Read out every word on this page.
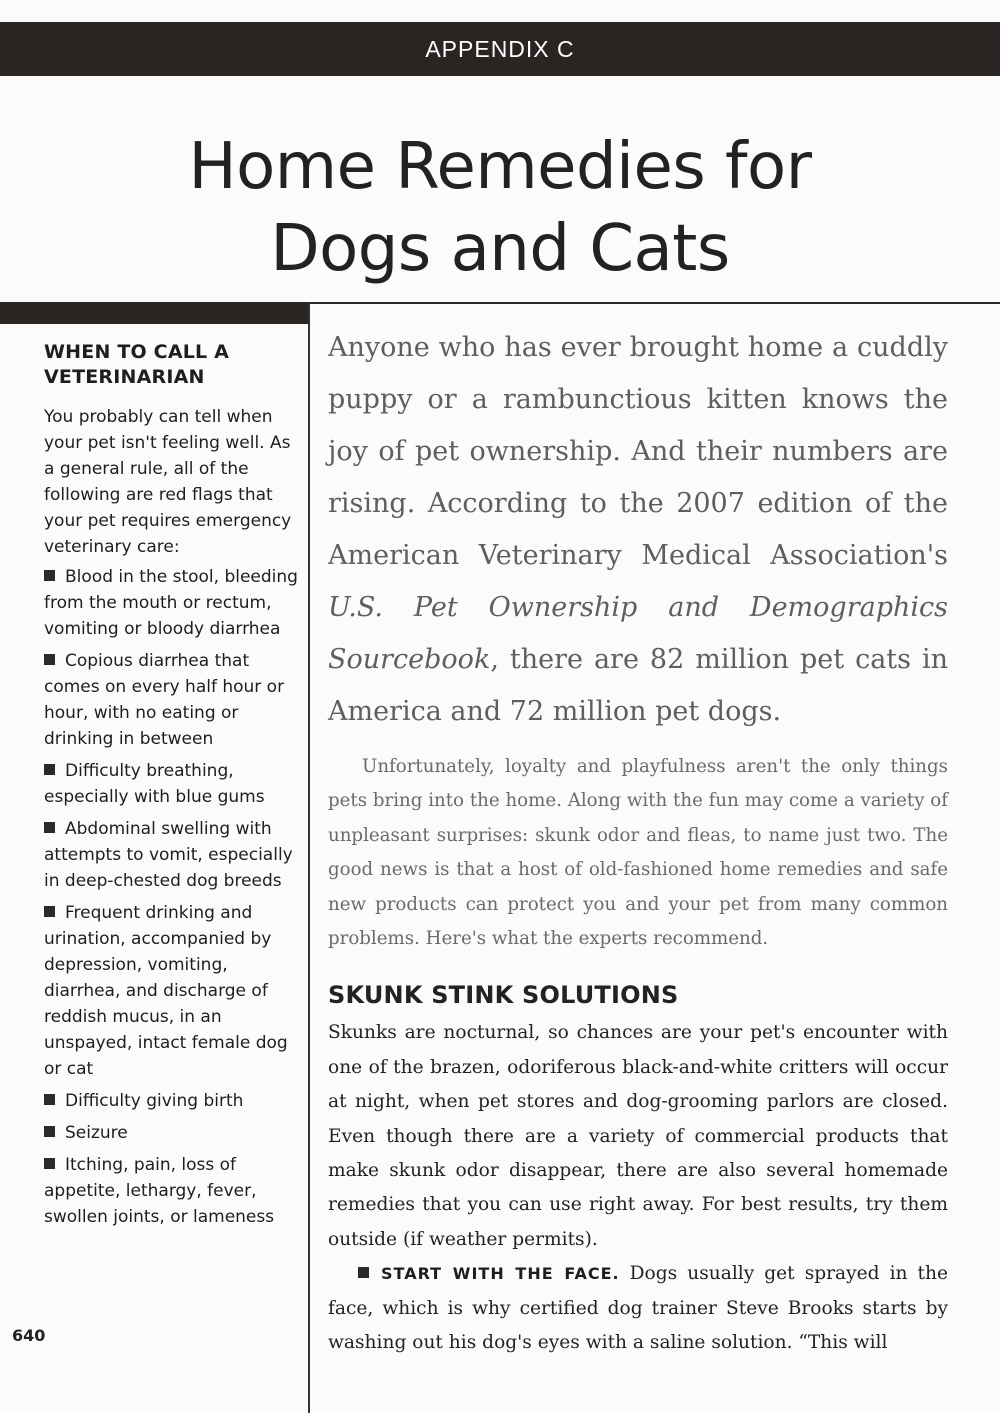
APPENDIX C
Home Remedies for
Dogs and Cats
WHEN TO CALL A VETERINARIAN

You probably can tell when your pet isn't feeling well. As a general rule, all of the following are red flags that your pet requires emergency veterinary care:

Blood in the stool, bleeding from the mouth or rectum, vomiting or bloody diarrhea
Copious diarrhea that comes on every half hour or hour, with no eating or drinking in between
Difficulty breathing, especially with blue gums
Abdominal swelling with attempts to vomit, especially in deep-chested dog breeds
Frequent drinking and urination, accompanied by depression, vomiting, diarrhea, and discharge of reddish mucus, in an unspayed, intact female dog or cat
Difficulty giving birth
Seizure
Itching, pain, loss of appetite, lethargy, fever, swollen joints, or lameness
640

Anyone who has ever brought home a cuddly puppy or a rambunctious kitten knows the joy of pet ownership. And their numbers are rising. According to the 2007 edition of the American Veterinary Medical Association's U.S. Pet Ownership and Demographics Sourcebook, there are 82 million pet cats in America and 72 million pet dogs.

Unfortunately, loyalty and playfulness aren't the only things pets bring into the home. Along with the fun may come a variety of unpleasant surprises: skunk odor and fleas, to name just two. The good news is that a host of old-fashioned home remedies and safe new products can protect you and your pet from many common problems. Here's what the experts recommend.

SKUNK STINK SOLUTIONS

Skunks are nocturnal, so chances are your pet's encounter with one of the brazen, odoriferous black-and-white critters will occur at night, when pet stores and dog-grooming parlors are closed. Even though there are a variety of commercial products that make skunk odor disappear, there are also several homemade remedies that you can use right away. For best results, try them outside (if weather permits).

START WITH THE FACE. Dogs usually get sprayed in the face, which is why certified dog trainer Steve Brooks starts by washing out his dog's eyes with a saline solution. “This will
